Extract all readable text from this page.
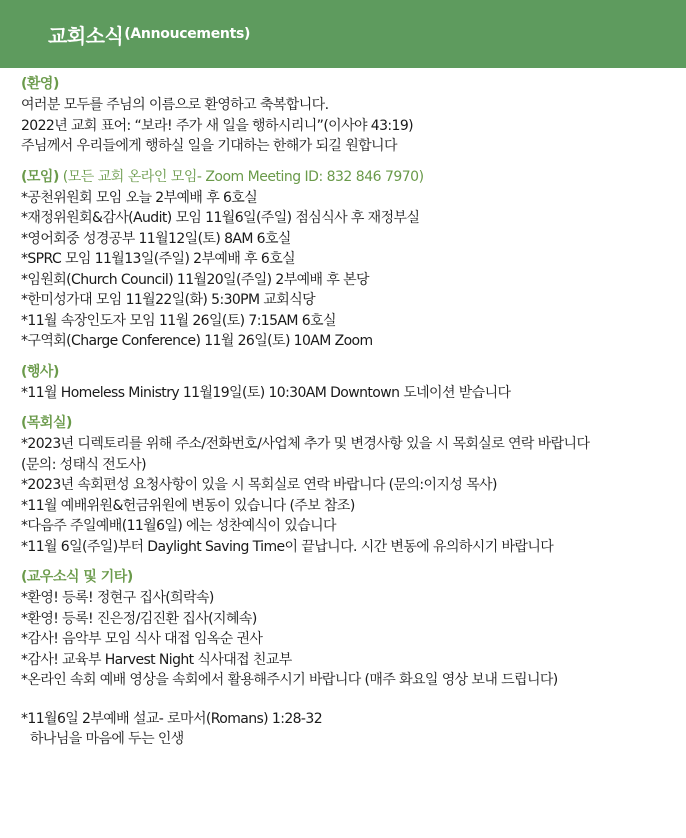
교회소식 (Annoucements)
(환영)
여러분 모두를 주님의 이름으로 환영하고 축복합니다.
2022년 교회 표어: “보라! 주가 새 일을 행하시리니”(이사야 43:19)
주님께서 우리들에게 행하실 일을 기대하는 한해가 되길 원합니다
(모임) (모든 교회 온라인 모임- Zoom Meeting ID: 832 846 7970)
*공천위원회 모임 오늘 2부예배 후 6호실
*재정위원회&감사(Audit) 모임 11월6일(주일) 점심식사 후 재정부실
*영어회중 성경공부 11월12일(토) 8AM 6호실
*SPRC 모임 11월13일(주일) 2부예배 후 6호실
*임원회(Church Council) 11월20일(주일) 2부예배 후 본당
*한미성가대 모임 11월22일(화) 5:30PM 교회식당
*11월 속장인도자 모임 11월 26일(토) 7:15AM 6호실
*구역회(Charge Conference) 11월 26일(토) 10AM Zoom
(행사)
*11월 Homeless Ministry 11월19일(토) 10:30AM Downtown 도네이션 받습니다
(목회실)
*2023년 디렉토리를 위해 주소/전화번호/사업체 추가 및 변경사항 있을 시 목회실로 연락 바랍니다
(문의: 성태식 전도사)
*2023년 속회편성 요청사항이 있을 시 목회실로 연락 바랍니다 (문의:이지성 목사)
*11월 예배위원&헌금위원에 변동이 있습니다 (주보 참조)
*다음주 주일예배(11월6일) 에는 성찬예식이 있습니다
*11월 6일(주일)부터 Daylight Saving Time이 끝납니다. 시간 변동에 유의하시기 바랍니다
(교우소식 및 기타)
*환영! 등록! 정현구 집사(희락속)
*환영! 등록! 진은정/김진환 집사(지혜속)
*감사! 음악부 모임 식사 대접 임옥순 권사
*감사! 교육부 Harvest Night 식사대접 친교부
*온라인 속회 예배 영상을 속회에서 활용해주시기 바랍니다 (매주 화요일 영상 보내 드립니다)
*11월6일 2부예배 설교- 로마서(Romans) 1:28-32
하나님을 마음에 두는 인생
